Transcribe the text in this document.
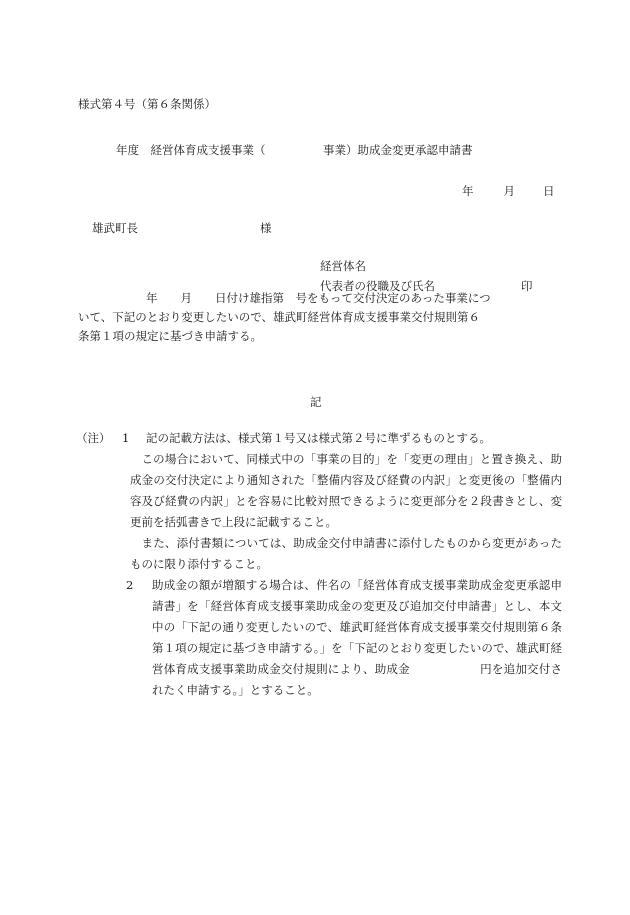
様式第４号（第６条関係）
年度　経営体育成支援事業（　　　　　事業）助成金変更承認申請書
年	月 日
雄武町長	様
経営体名
代表者の役職及び氏名	印
年　　月　　日付け雄指第　号をもって交付決定のあった事業につ
いて、下記のとおり変更したいので、雄武町経営体育成支援事業交付規則第６
条第１項の規定に基づき申請する。
記
（注） 1 記の記載方法は、様式第１号又は様式第２号に準ずるものとする。
この場合において、同様式中の「事業の目的」を「変更の理由」と置き換え、助成金の交付決定により通知された「整備内容及び経費の内訳」と変更後の「整備内容及び経費の内訳」とを容易に比較対照できるように変更部分を２段書きとし、変更前を括弧書きで上段に記載すること。
また、添付書類については、助成金交付申請書に添付したものから変更があったものに限り添付すること。
2 助成金の額が増額する場合は、件名の「経営体育成支援事業助成金変更承認申請書」を「経営体育成支援事業助成金の変更及び追加交付申請書」とし、本文中の「下記の通り変更したいので、雄武町経営体育成支援事業交付規則第６条第１項の規定に基づき申請する。」を「下記のとおり変更したいので、雄武町経営体育成支援事業助成金交付規則により、助成金　　　　　　円を追加交付されたく申請する。」とすること。
